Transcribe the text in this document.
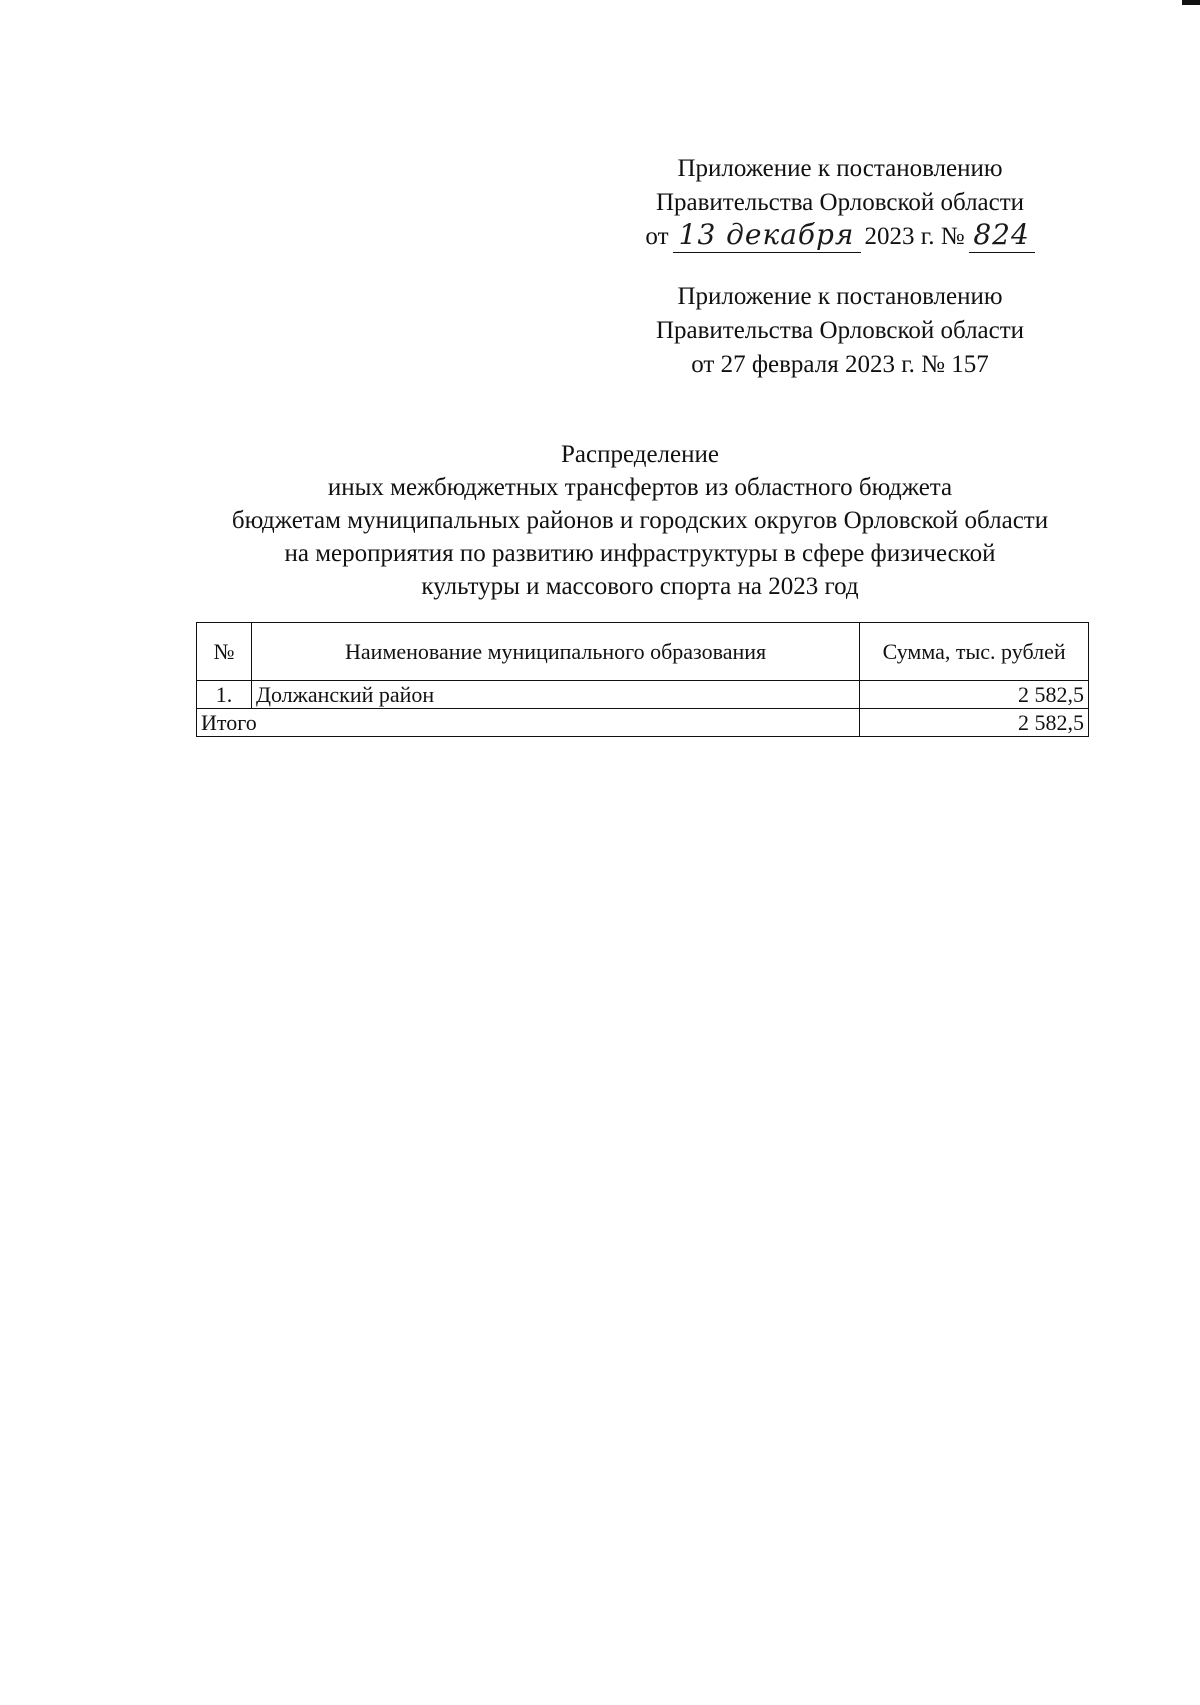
Приложение к постановлению
Правительства Орловской области
от 13 декабря 2023 г. № 824
Приложение к постановлению
Правительства Орловской области
от 27 февраля 2023 г. № 157
Распределение
иных межбюджетных трансфертов из областного бюджета
бюджетам муниципальных районов и городских округов Орловской области
на мероприятия по развитию инфраструктуры в сфере физической
культуры и массового спорта на 2023 год
№	Наименование муниципального образования	Сумма, тыс. рублей
1.	Должанский район	2 582,5
Итого		2 582,5
